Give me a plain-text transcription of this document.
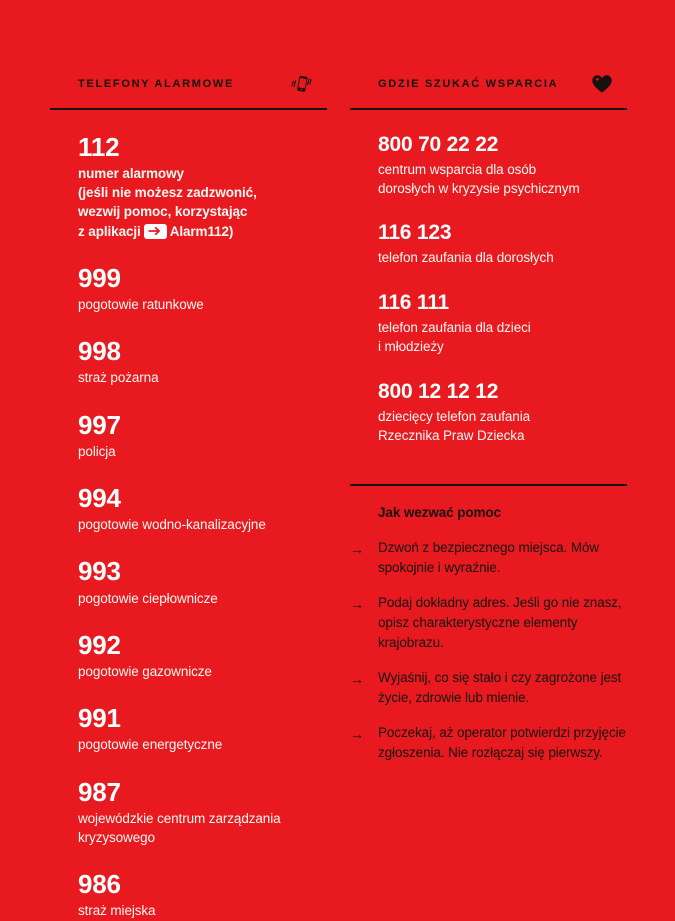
TELEFONY ALARMOWE
112
numer alarmowy
(jeśli nie możesz zadzwonić,
wezwij pomoc, korzystając
z aplikacji Alarm112)
999
pogotowie ratunkowe
998
straż pożarna
997
policja
994
pogotowie wodno-kanalizacyjne
993
pogotowie ciepłownicze
992
pogotowie gazownicze
991
pogotowie energetyczne
987
wojewódzkie centrum zarządzania
kryzysowego
986
straż miejska
GDZIE SZUKAĆ WSPARCIA
800 70 22 22
centrum wsparcia dla osób
dorosłych w kryzysie psychicznym
116 123
telefon zaufania dla dorosłych
116 111
telefon zaufania dla dzieci
i młodzieży
800 12 12 12
dziecięcy telefon zaufania
Rzecznika Praw Dziecka
Jak wezwać pomoc
→	Dzwoń z bezpiecznego miejsca. Mów spokojnie i wyraźnie.
→	Podaj dokładny adres. Jeśli go nie znasz, opisz charakterystyczne elementy krajobrazu.
→	Wyjaśnij, co się stało i czy zagrożone jest życie, zdrowie lub mienie.
→	Poczekaj, aż operator potwierdzi przyjęcie zgłoszenia. Nie rozłączaj się pierwszy.
